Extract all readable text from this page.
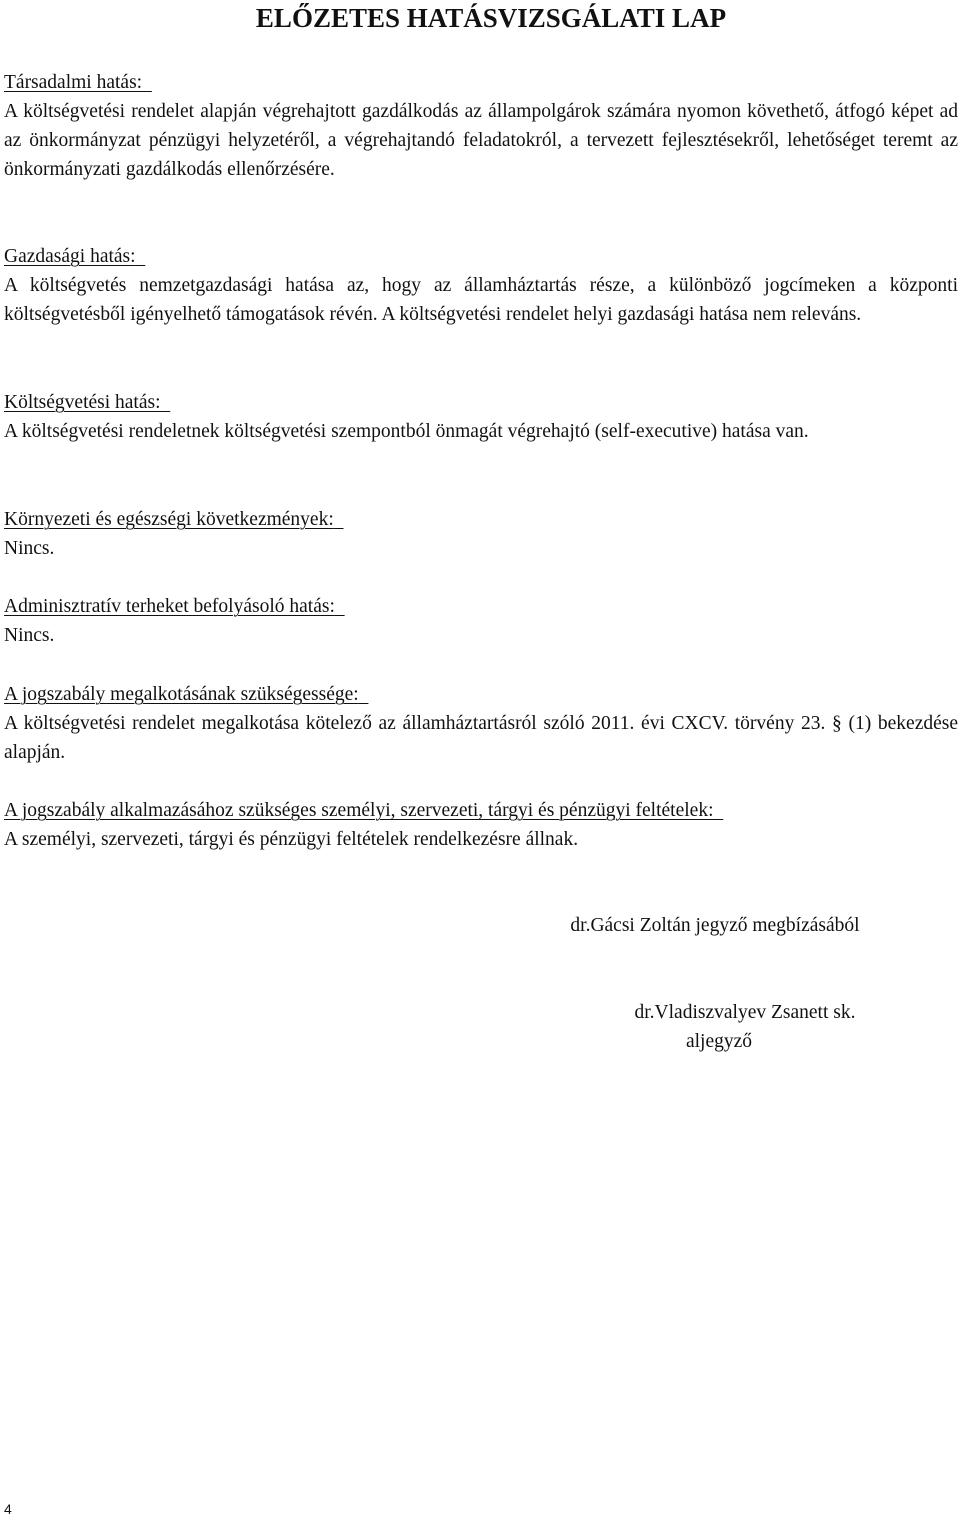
ELŐZETES HATÁSVIZSGÁLATI LAP
Társadalmi hatás:

A költségvetési rendelet alapján végrehajtott gazdálkodás az állampolgárok számára nyomon követhető, átfogó képet ad az önkormányzat pénzügyi helyzetéről, a végrehajtandó feladatokról, a tervezett fejlesztésekről, lehetőséget teremt az önkormányzati gazdálkodás ellenőrzésére.

Gazdasági hatás:

A költségvetés nemzetgazdasági hatása az, hogy az államháztartás része, a különböző jogcímeken a központi költségvetésből igényelhető támogatások révén. A költségvetési rendelet helyi gazdasági hatása nem releváns.

Költségvetési hatás:

A költségvetési rendeletnek költségvetési szempontból önmagát végrehajtó (self-executive) hatása van.

Környezeti és egészségi következmények:

Nincs.

Adminisztratív terheket befolyásoló hatás:

Nincs.

A jogszabály megalkotásának szükségessége:

A költségvetési rendelet megalkotása kötelező az államháztartásról szóló 2011. évi CXCV. törvény 23. § (1) bekezdése alapján.

A jogszabály alkalmazásához szükséges személyi, szervezeti, tárgyi és pénzügyi feltételek:

A személyi, szervezeti, tárgyi és pénzügyi feltételek rendelkezésre állnak.

dr.Gácsi Zoltán jegyző megbízásából
dr.Vladiszvalyev Zsanett sk.
aljegyző
4
